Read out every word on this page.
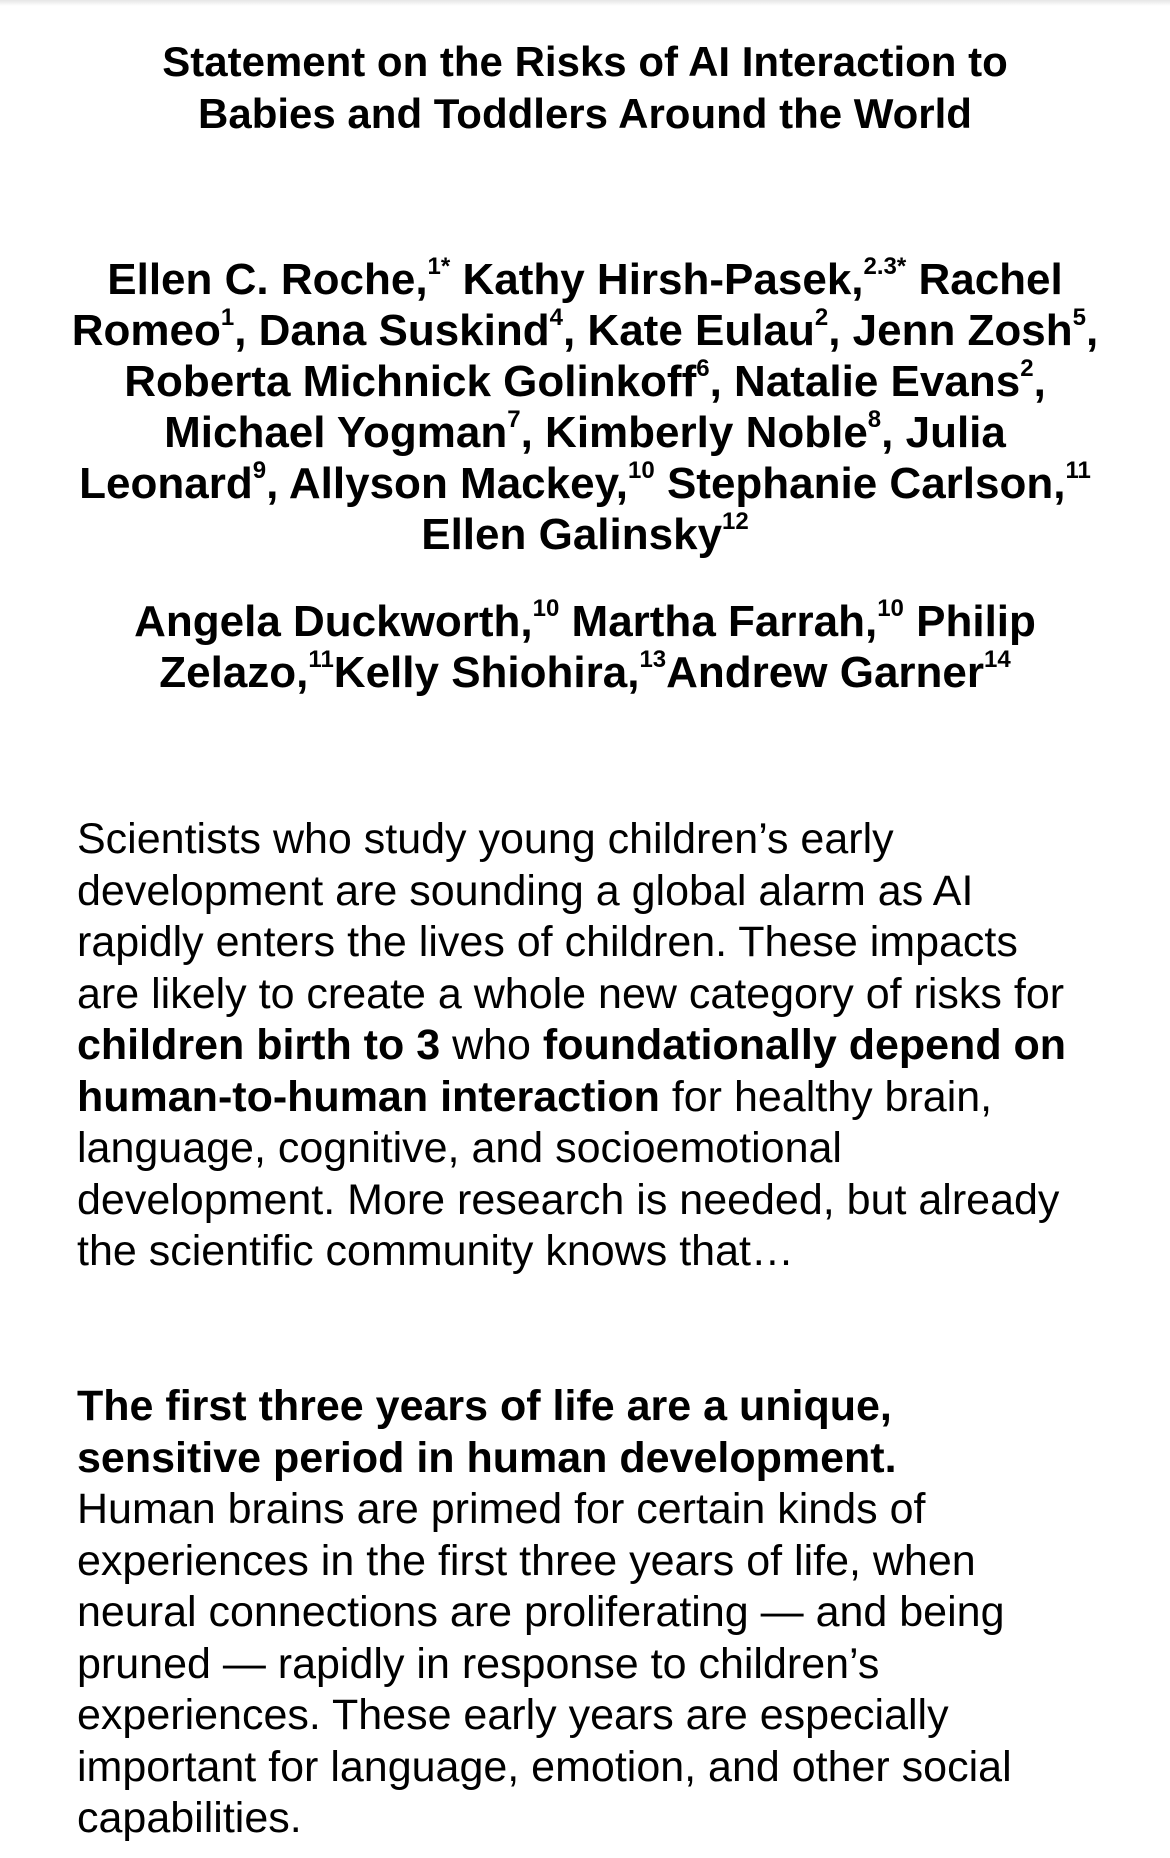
Statement on the Risks of AI Interaction to
Babies and Toddlers Around the World

Ellen C. Roche,$^{1*}$ Kathy Hirsh-Pasek,$^{2.3*}$ Rachel Romeo$^1$, Dana Suskind$^4$, Kate Eulau$^2$, Jenn Zosh$^5$, Roberta Michnick Golinkoff$^6$, Natalie Evans$^2$, Michael Yogman$^7$, Kimberly Noble$^8$, Julia Leonard$^9$, Allyson Mackey,$^{10}$ Stephanie Carlson,$^{11}$ Ellen Galinsky$^{12}$

Angela Duckworth,$^{10}$ Martha Farrah,$^{10}$ Philip Zelazo,$^{11}$Kelly Shiohira,$^{13}$Andrew Garner$^{14}$

Scientists who study young children’s early development are sounding a global alarm as AI rapidly enters the lives of children. These impacts are likely to create a whole new category of risks for children birth to 3 who foundationally depend on human-to-human interaction for healthy brain, language, cognitive, and socioemotional development. More research is needed, but already the scientific community knows that…

The first three years of life are a unique, sensitive period in human development.
Human brains are primed for certain kinds of experiences in the first three years of life, when neural connections are proliferating — and being pruned — rapidly in response to children’s experiences. These early years are especially important for language, emotion, and other social capabilities.
